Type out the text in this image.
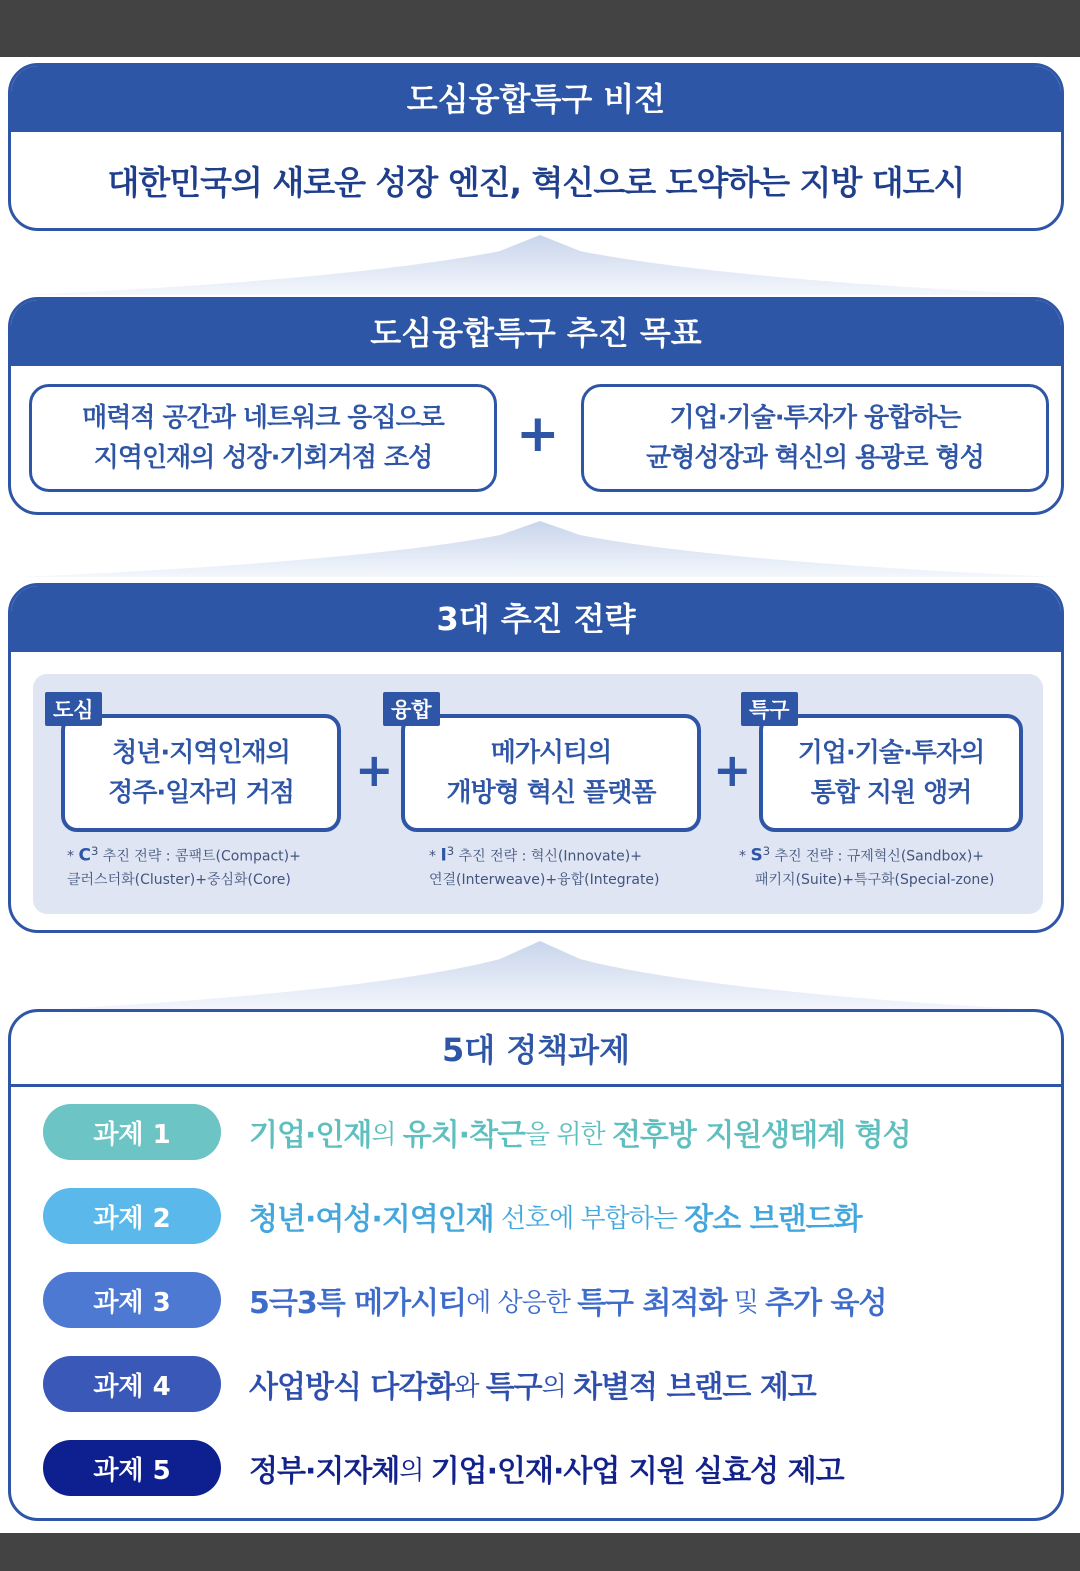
도심융합특구 비전
대한민국의 새로운 성장 엔진, 혁신으로 도약하는 지방 대도시
도심융합특구 추진 목표
매력적 공간과 네트워크 응집으로
지역인재의 성장·기회거점 조성 +	기업·기술·투자가 융합하는
균형성장과 혁신의 용광로 형성
3대 추진 전략
청년·지역인재의
정주·일자리 거점
도심
+	메가시티의
개방형 혁신 플랫폼
융합
+ 기업·기술·투자의
통합 지원 앵커
특구
* $C^3$ 추진 전략 : 콤팩트(Compact)+
클러스터화(Cluster)+중심화(Core)
* $I^3$ 추진 전략 : 혁신(Innovate)+
연결(Interweave)+융합(Integrate)
* $S^3$ 추진 전략 : 규제혁신(Sandbox)+
패키지(Suite)+특구화(Special-zone)
5대 정책과제
과제 1	기업·인재 의 유치·착근 을 위한 전후방 지원생태계 형성
과제 2	청년·여성·지역인재 선호에 부합하는 장소 브랜드화
과제 3	5극3특 메가시티 에 상응한 특구 최적화 및 추가 육성
과제 4	사업방식 다각화 와 특구 의 차별적 브랜드 제고
과제 5	정부·지자체 의 기업·인재·사업 지원 실효성 제고
